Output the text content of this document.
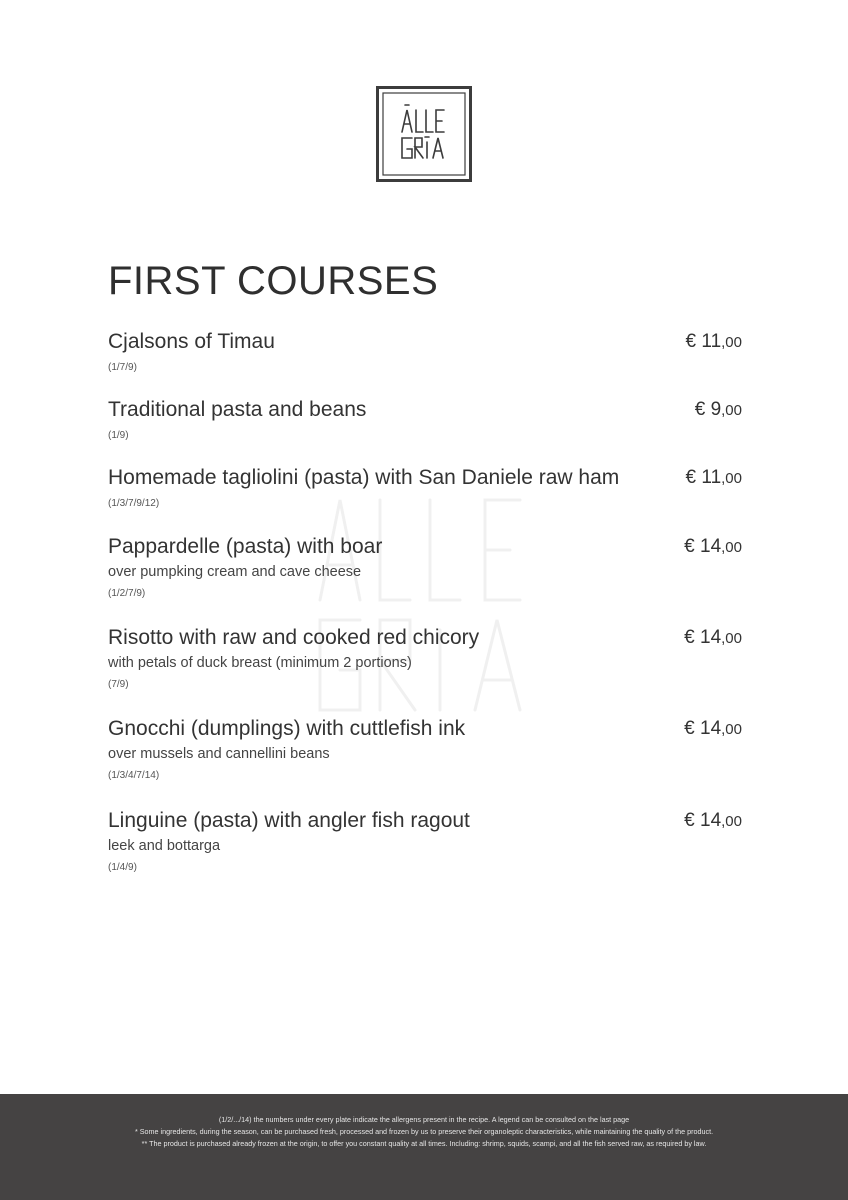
FIRST COURSES
Cjalsons of Timau
(1/7/9)
€ 11,00
Traditional pasta and beans
(1/9)
€ 9,00
Homemade tagliolini (pasta) with San Daniele raw ham
(1/3/7/9/12)
€ 11,00
Pappardelle (pasta) with boar
over pumpking cream and cave cheese
(1/2/7/9)
€ 14,00
Risotto with raw and cooked red chicory
with petals of duck breast (minimum 2 portions)
(7/9)
€ 14,00
Gnocchi (dumplings) with cuttlefish ink
over mussels and cannellini beans
(1/3/4/7/14)
€ 14,00
Linguine (pasta) with angler fish ragout
leek and bottarga
(1/4/9)
€ 14,00
(1/2/.../14) the numbers under every plate indicate the allergens present in the recipe. A legend can be consulted on the last page
* Some ingredients, during the season, can be purchased fresh, processed and frozen by us to preserve their organoleptic characteristics, while maintaining the quality of the product.
** The product is purchased already frozen at the origin, to offer you constant quality at all times. Including: shrimp, squids, scampi, and all the fish served raw, as required by law.
